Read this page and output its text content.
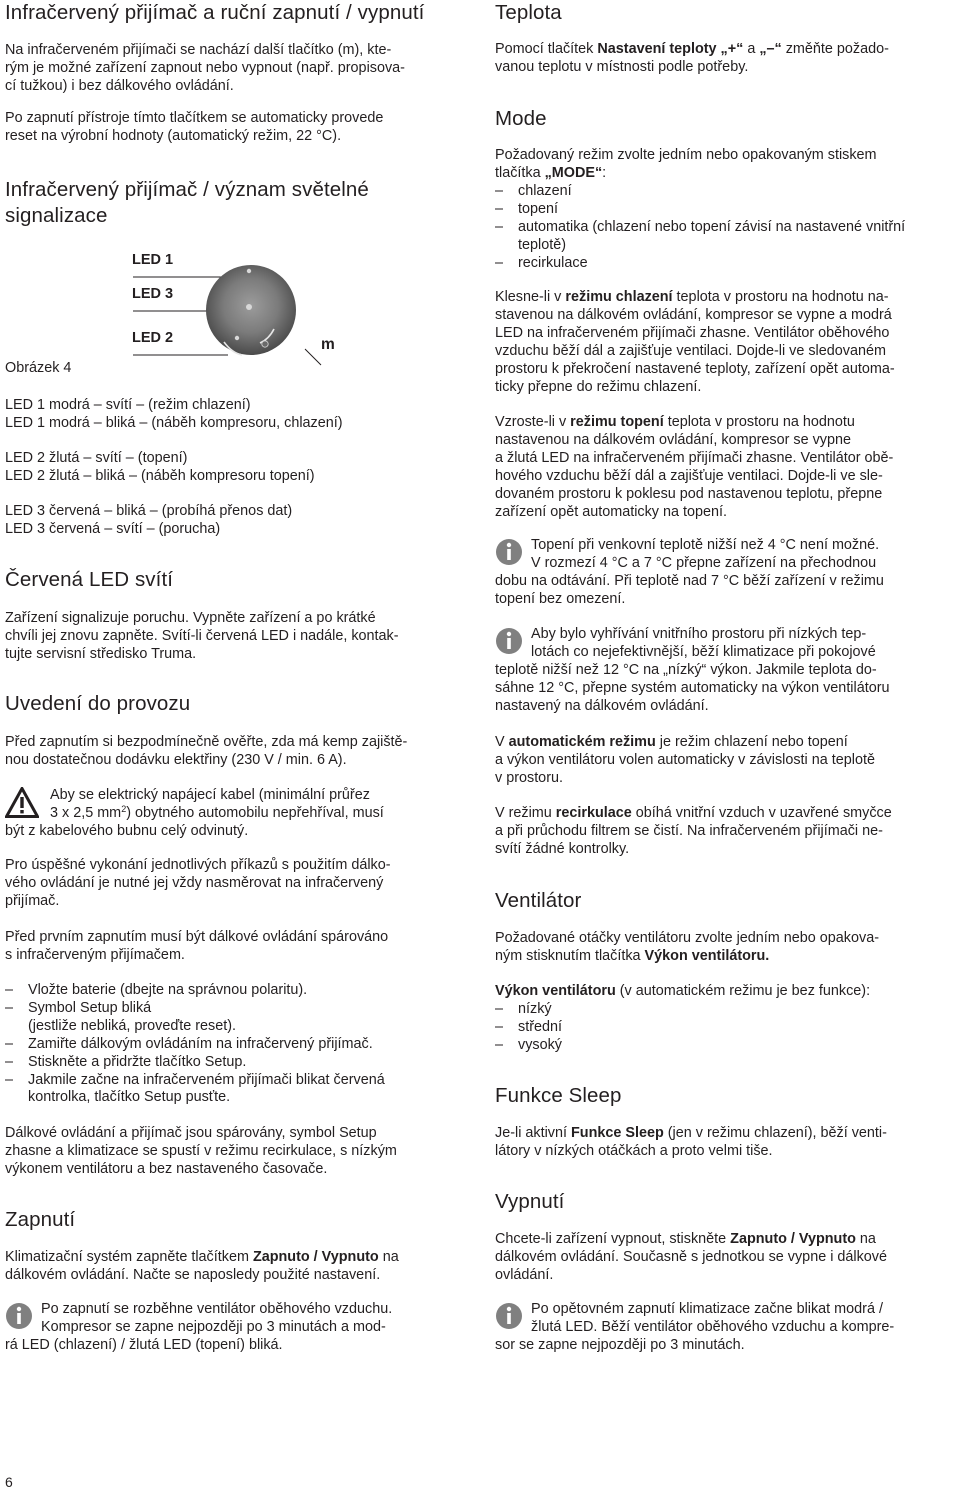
Infračervený přijímač a ruční zapnutí / vypnutí
Na infračerveném přijímači se nachází další tlačítko (m), kte-
rým je možné zařízení zapnout nebo vypnout (např. propisova-
cí tužkou) i bez dálkového ovládání.
Po zapnutí přístroje tímto tlačítkem se automaticky provede
reset na výrobní hodnoty (automatický režim, 22 °C).
Infračervený přijímač / význam světelné
signalizace
LED 1
LED 3
LED 2	m
Obrázek 4
LED 1 modrá – svítí – (režim chlazení)
LED 1 modrá – bliká – (náběh kompresoru, chlazení)
LED 2 žlutá – svítí – (topení)
LED 2 žlutá – bliká – (náběh kompresoru topení)
LED 3 červená – bliká – (probíhá přenos dat)
LED 3 červená – svítí – (porucha)
Červená LED svítí
Zařízení signalizuje poruchu. Vypněte zařízení a po krátké
chvíli jej znovu zapněte. Svítí-li červená LED i nadále, kontak-
tujte servisní středisko Truma.
Uvedení do provozu
Před zapnutím si bezpodmínečně ověřte, zda má kemp zajiště-
nou dostatečnou dodávku elektřiny (230 V / min. 6 A).
Aby se elektrický napájecí kabel (minimální průřez
3 x 2,5 $mm^2$) obytného automobilu nepřehříval, musí
být z kabelového bubnu celý odvinutý.
Pro úspěšné vykonání jednotlivých příkazů s použitím dálko-
vého ovládání je nutné jej vždy nasměrovat na infračervený
přijímač.
Před prvním zapnutím musí být dálkové ovládání spárováno
s infračerveným přijímačem.
– Vložte baterie (dbejte na správnou polaritu).
– Symbol Setup bliká
(jestliže nebliká, proveďte reset).
– Zamiřte dálkovým ovládáním na infračervený přijímač.
– Stiskněte a přidržte tlačítko Setup.
– Jakmile začne na infračerveném přijímači blikat červená
kontrolka, tlačítko Setup pusťte.
Dálkové ovládání a přijímač jsou spárovány, symbol Setup
zhasne a klimatizace se spustí v režimu recirkulace, s nízkým
výkonem ventilátoru a bez nastaveného časovače.
Zapnutí
Klimatizační systém zapněte tlačítkem Zapnuto / Vypnuto na
dálkovém ovládání. Načte se naposledy použité nastavení.
Po zapnutí se rozběhne ventilátor oběhového vzduchu.
Kompresor se zapne nejpozději po 3 minutách a mod-
rá LED (chlazení) / žlutá LED (topení) bliká.
Teplota
Pomocí tlačítek Nastavení teploty „+“ a „–“ změňte požado-
vanou teplotu v místnosti podle potřeby.
Mode
Požadovaný režim zvolte jedním nebo opakovaným stiskem
tlačítka „MODE“:
– chlazení
– topení
– automatika (chlazení nebo topení závisí na nastavené vnitřní
teplotě)
– recirkulace
Klesne-li v režimu chlazení teplota v prostoru na hodnotu na-
stavenou na dálkovém ovládání, kompresor se vypne a modrá
LED na infračerveném přijímači zhasne. Ventilátor oběhového
vzduchu běží dál a zajišťuje ventilaci. Dojde-li ve sledovaném
prostoru k překročení nastavené teploty, zařízení opět automa-
ticky přepne do režimu chlazení.
Vzroste-li v režimu topení teplota v prostoru na hodnotu
nastavenou na dálkovém ovládání, kompresor se vypne
a žlutá LED na infračerveném přijímači zhasne. Ventilátor obě-
hového vzduchu běží dál a zajišťuje ventilaci. Dojde-li ve sle-
dovaném prostoru k poklesu pod nastavenou teplotu, přepne
zařízení opět automaticky na topení.
Topení při venkovní teplotě nižší než 4 °C není možné.
V rozmezí 4 °C a 7 °C přepne zařízení na přechodnou
dobu na odtávání. Při teplotě nad 7 °C běží zařízení v režimu
topení bez omezení.
Aby bylo vyhřívání vnitřního prostoru při nízkých tep-
lotách co nejefektivnější, běží klimatizace při pokojové
teplotě nižší než 12 °C na „nízký“ výkon. Jakmile teplota do-
sáhne 12 °C, přepne systém automaticky na výkon ventilátoru
nastavený na dálkovém ovládání.
V automatickém režimu je režim chlazení nebo topení
a výkon ventilátoru volen automaticky v závislosti na teplotě
v prostoru.
V režimu recirkulace obíhá vnitřní vzduch v uzavřené smyčce
a při průchodu filtrem se čistí. Na infračerveném přijímači ne-
svítí žádné kontrolky.
Ventilátor
Požadované otáčky ventilátoru zvolte jedním nebo opakova-
ným stisknutím tlačítka Výkon ventilátoru.
Výkon ventilátoru (v automatickém režimu je bez funkce):
– nízký
– střední
– vysoký
Funkce Sleep
Je-li aktivní Funkce Sleep (jen v režimu chlazení), běží venti-
látory v nízkých otáčkách a proto velmi tiše.
Vypnutí
Chcete-li zařízení vypnout, stiskněte Zapnuto / Vypnuto na
dálkovém ovládání. Současně s jednotkou se vypne i dálkové
ovládání.
Po opětovném zapnutí klimatizace začne blikat modrá /
žlutá LED. Běží ventilátor oběhového vzduchu a kompre-
sor se zapne nejpozději po 3 minutách.
6
